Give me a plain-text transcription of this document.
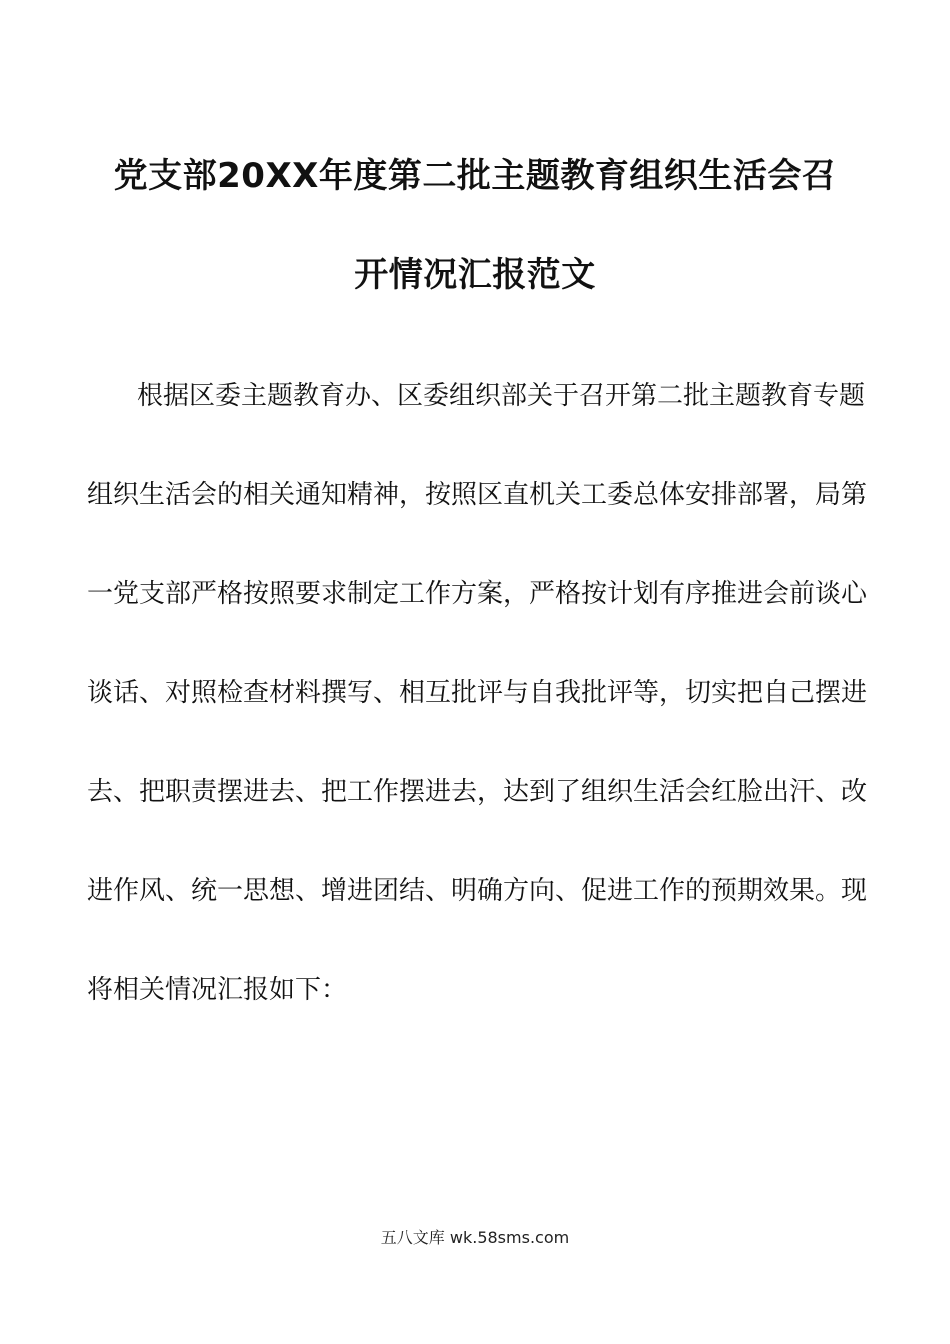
党支部20XX年度第二批主题教育组织生活会召
开情况汇报范文
根据区委主题教育办、区委组织部关于召开第二批主题教育专题
组织生活会的相关通知精神，按照区直机关工委总体安排部署，局第
一党支部严格按照要求制定工作方案，严格按计划有序推进会前谈心
谈话、对照检查材料撰写、相互批评与自我批评等，切实把自己摆进
去、把职责摆进去、把工作摆进去，达到了组织生活会红脸出汗、改
进作风、统一思想、增进团结、明确方向、促进工作的预期效果。现
将相关情况汇报如下：
五八文库 wk.58sms.com
